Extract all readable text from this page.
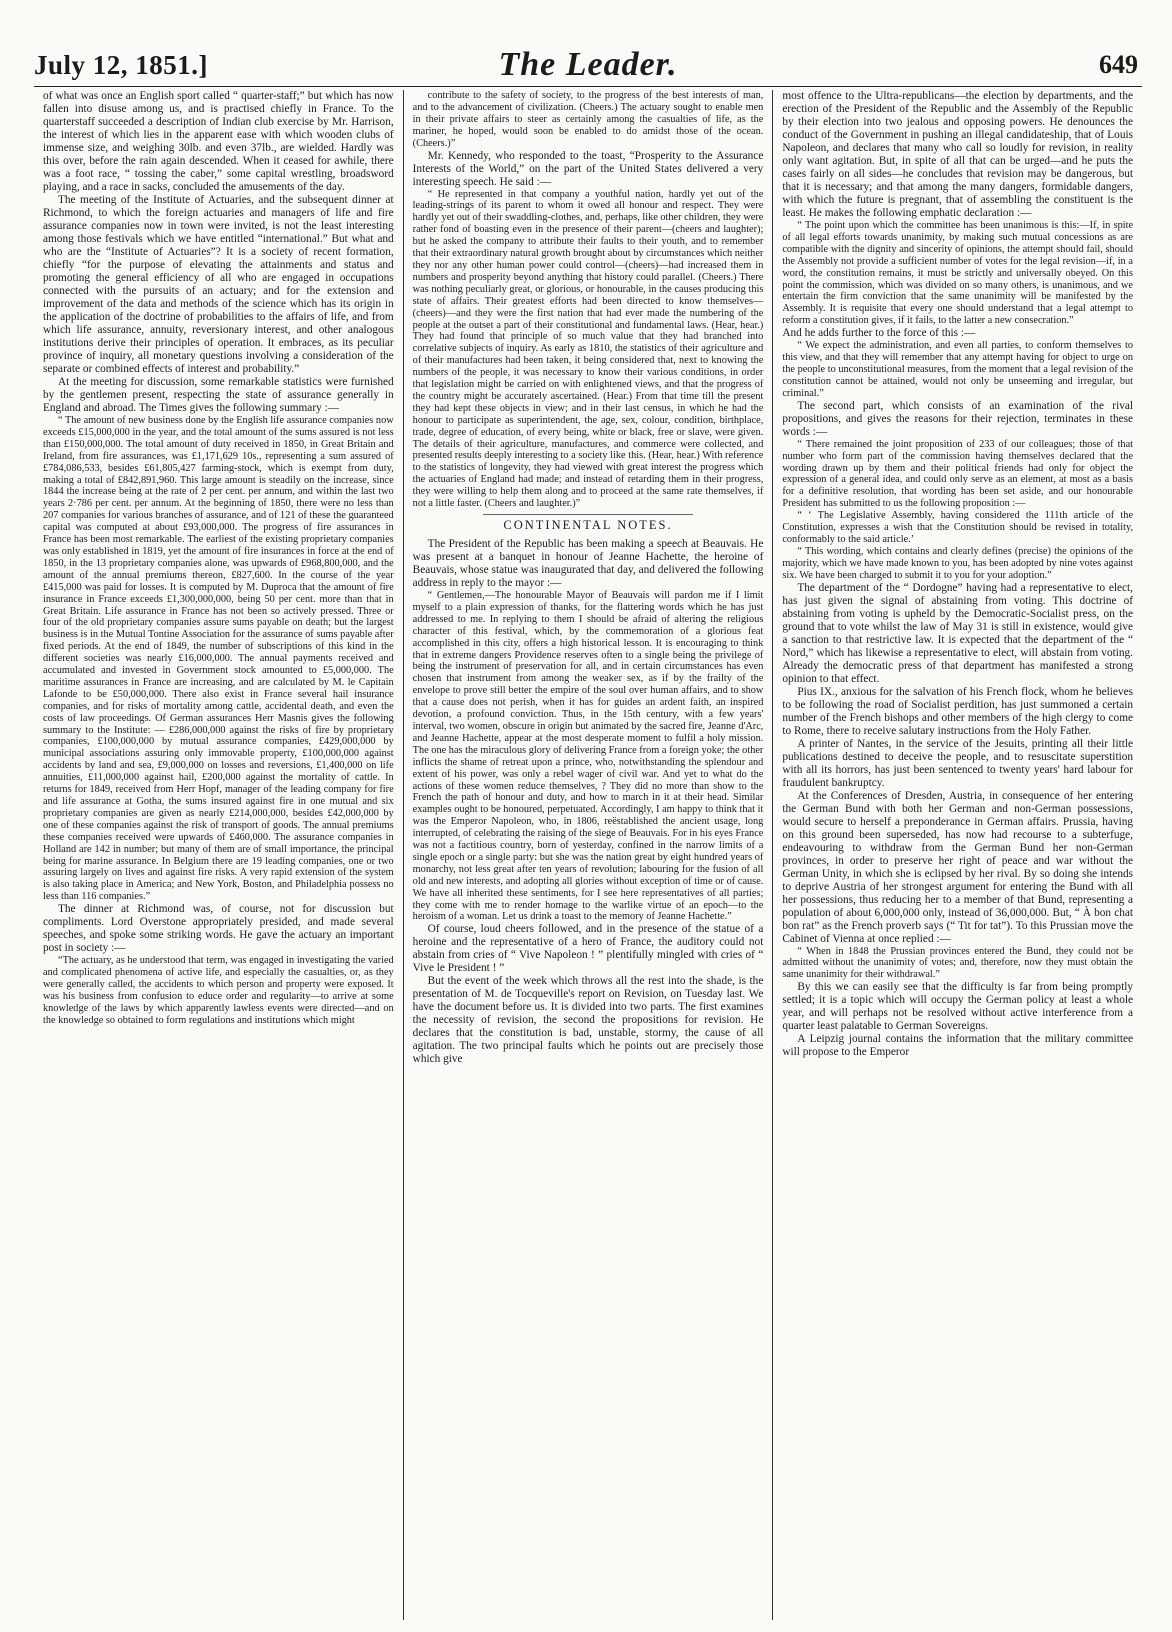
July 12, 1851.]	The Leader.	649

of what was once an English sport called “ quarter-staff;” but which has now fallen into disuse among us, and is practised chiefly in France. To the quarterstaff succeeded a description of Indian club exercise by Mr. Harrison, the interest of which lies in the apparent ease with which wooden clubs of immense size, and weighing 30lb. and even 37lb., are wielded. Hardly was this over, before the rain again descended. When it ceased for awhile, there was a foot race, “ tossing the caber,” some capital wrestling, broadsword playing, and a race in sacks, concluded the amusements of the day.

The meeting of the Institute of Actuaries, and the subsequent dinner at Richmond, to which the foreign actuaries and managers of life and fire assurance companies now in town were invited, is not the least interesting among those festivals which we have entitled “international.” But what and who are the “Institute of Actuaries”? It is a society of recent formation, chiefly “for the purpose of elevating the attainments and status and promoting the general efficiency of all who are engaged in occupations connected with the pursuits of an actuary; and for the extension and improvement of the data and methods of the science which has its origin in the application of the doctrine of probabilities to the affairs of life, and from which life assurance, annuity, reversionary interest, and other analogous institutions derive their principles of operation. It embraces, as its peculiar province of inquiry, all monetary questions involving a consideration of the separate or combined effects of interest and probability.”

At the meeting for discussion, some remarkable statistics were furnished by the gentlemen present, respecting the state of assurance generally in England and abroad. The Times gives the following summary :—

“ The amount of new business done by the English life assurance companies now exceeds £15,000,000 in the year, and the total amount of the sums assured is not less than £150,000,000. The total amount of duty received in 1850, in Great Britain and Ireland, from fire assurances, was £1,171,629 10s., representing a sum assured of £784,086,533, besides £61,805,427 farming-stock, which is exempt from duty, making a total of £842,891,960. This large amount is steadily on the increase, since 1844 the increase being at the rate of 2 per cent. per annum, and within the last two years 2·786 per cent. per annum. At the beginning of 1850, there were no less than 207 companies for various branches of assurance, and of 121 of these the guaranteed capital was computed at about £93,000,000. The progress of fire assurances in France has been most remarkable. The earliest of the existing proprietary companies was only established in 1819, yet the amount of fire insurances in force at the end of 1850, in the 13 proprietary companies alone, was upwards of £968,800,000, and the amount of the annual premiums thereon, £827,600. In the course of the year £415,000 was paid for losses. It is computed by M. Duproca that the amount of fire insurance in France exceeds £1,300,000,000, being 50 per cent. more than that in Great Britain. Life assurance in France has not been so actively pressed. Three or four of the old proprietary companies assure sums payable on death; but the largest business is in the Mutual Tontine Association for the assurance of sums payable after fixed periods. At the end of 1849, the number of subscriptions of this kind in the different societies was nearly £16,000,000. The annual payments received and accumulated and invested in Government stock amounted to £5,000,000. The maritime assurances in France are increasing, and are calculated by M. le Capitain Lafonde to be £50,000,000. There also exist in France several hail insurance companies, and for risks of mortality among cattle, accidental death, and even the costs of law proceedings. Of German assurances Herr Masnis gives the following summary to the Institute: — £286,000,000 against the risks of fire by proprietary companies, £100,000,000 by mutual assurance companies, £429,000,000 by municipal associations assuring only immovable property, £100,000,000 against accidents by land and sea, £9,000,000 on losses and reversions, £1,400,000 on life annuities, £11,000,000 against hail, £200,000 against the mortality of cattle. In returns for 1849, received from Herr Hopf, manager of the leading company for fire and life assurance at Gotha, the sums insured against fire in one mutual and six proprietary companies are given as nearly £214,000,000, besides £42,000,000 by one of these companies against the risk of transport of goods. The annual premiums these companies received were upwards of £460,000. The assurance companies in Holland are 142 in number; but many of them are of small importance, the principal being for marine assurance. In Belgium there are 19 leading companies, one or two assuring largely on lives and against fire risks. A very rapid extension of the system is also taking place in America; and New York, Boston, and Philadelphia possess no less than 116 companies.”

The dinner at Richmond was, of course, not for discussion but compliments. Lord Overstone appropriately presided, and made several speeches, and spoke some striking words. He gave the actuary an important post in society :—

“The actuary, as he understood that term, was engaged in investigating the varied and complicated phenomena of active life, and especially the casualties, or, as they were generally called, the accidents to which person and property were exposed. It was his business from confusion to educe order and regularity—to arrive at some knowledge of the laws by which apparently lawless events were directed—and on the knowledge so obtained to form regulations and institutions which might

contribute to the safety of society, to the progress of the best interests of man, and to the advancement of civilization. (Cheers.) The actuary sought to enable men in their private affairs to steer as certainly among the casualties of life, as the mariner, he hoped, would soon be enabled to do amidst those of the ocean. (Cheers.)”

Mr. Kennedy, who responded to the toast, “Prosperity to the Assurance Interests of the World,” on the part of the United States delivered a very interesting speech. He said :—

“ He represented in that company a youthful nation, hardly yet out of the leading-strings of its parent to whom it owed all honour and respect. They were hardly yet out of their swaddling-clothes, and, perhaps, like other children, they were rather fond of boasting even in the presence of their parent—(cheers and laughter); but he asked the company to attribute their faults to their youth, and to remember that their extraordinary natural growth brought about by circumstances which neither they nor any other human power could control—(cheers)—had increased them in numbers and prosperity beyond anything that history could parallel. (Cheers.) There was nothing peculiarly great, or glorious, or honourable, in the causes producing this state of affairs. Their greatest efforts had been directed to know themselves—(cheers)—and they were the first nation that had ever made the numbering of the people at the outset a part of their constitutional and fundamental laws. (Hear, hear.) They had found that principle of so much value that they had branched into correlative subjects of inquiry. As early as 1810, the statistics of their agriculture and of their manufactures had been taken, it being considered that, next to knowing the numbers of the people, it was necessary to know their various conditions, in order that legislation might be carried on with enlightened views, and that the progress of the country might be accurately ascertained. (Hear.) From that time till the present they had kept these objects in view; and in their last census, in which he had the honour to participate as superintendent, the age, sex, colour, condition, birthplace, trade, degree of education, of every being, white or black, free or slave, were given. The details of their agriculture, manufactures, and commerce were collected, and presented results deeply interesting to a society like this. (Hear, hear.) With reference to the statistics of longevity, they had viewed with great interest the progress which the actuaries of England had made; and instead of retarding them in their progress, they were willing to help them along and to proceed at the same rate themselves, if not a little faster. (Cheers and laughter.)”

CONTINENTAL NOTES.

The President of the Republic has been making a speech at Beauvais. He was present at a banquet in honour of Jeanne Hachette, the heroine of Beauvais, whose statue was inaugurated that day, and delivered the following address in reply to the mayor :—

“ Gentlemen,—The honourable Mayor of Beauvais will pardon me if I limit myself to a plain expression of thanks, for the flattering words which he has just addressed to me. In replying to them I should be afraid of altering the religious character of this festival, which, by the commemoration of a glorious feat accomplished in this city, offers a high historical lesson. It is encouraging to think that in extreme dangers Providence reserves often to a single being the privilege of being the instrument of preservation for all, and in certain circumstances has even chosen that instrument from among the weaker sex, as if by the frailty of the envelope to prove still better the empire of the soul over human affairs, and to show that a cause does not perish, when it has for guides an ardent faith, an inspired devotion, a profound conviction. Thus, in the 15th century, with a few years' interval, two women, obscure in origin but animated by the sacred fire, Jeanne d'Arc, and Jeanne Hachette, appear at the most desperate moment to fulfil a holy mission. The one has the miraculous glory of delivering France from a foreign yoke; the other inflicts the shame of retreat upon a prince, who, notwithstanding the splendour and extent of his power, was only a rebel wager of civil war. And yet to what do the actions of these women reduce themselves, ? They did no more than show to the French the path of honour and duty, and how to march in it at their head. Similar examples ought to be honoured, perpetuated. Accordingly, I am happy to think that it was the Emperor Napoleon, who, in 1806, reëstablished the ancient usage, long interrupted, of celebrating the raising of the siege of Beauvais. For in his eyes France was not a factitious country, born of yesterday, confined in the narrow limits of a single epoch or a single party: but she was the nation great by eight hundred years of monarchy, not less great after ten years of revolution; labouring for the fusion of all old and new interests, and adopting all glories without exception of time or of cause. We have all inherited these sentiments, for I see here representatives of all parties; they come with me to render homage to the warlike virtue of an epoch—to the heroism of a woman. Let us drink a toast to the memory of Jeanne Hachette.”

Of course, loud cheers followed, and in the presence of the statue of a heroine and the representative of a hero of France, the auditory could not abstain from cries of “ Vive Napoleon ! ” plentifully mingled with cries of “ Vive le President ! ”

But the event of the week which throws all the rest into the shade, is the presentation of M. de Tocqueville's report on Revision, on Tuesday last. We have the document before us. It is divided into two parts. The first examines the necessity of revision, the second the propositions for revision. He declares that the constitution is bad, unstable, stormy, the cause of all agitation. The two principal faults which he points out are precisely those which give

most offence to the Ultra-republicans—the election by departments, and the erection of the President of the Republic and the Assembly of the Republic by their election into two jealous and opposing powers. He denounces the conduct of the Government in pushing an illegal candidateship, that of Louis Napoleon, and declares that many who call so loudly for revision, in reality only want agitation. But, in spite of all that can be urged—and he puts the cases fairly on all sides—he concludes that revision may be dangerous, but that it is necessary; and that among the many dangers, formidable dangers, with which the future is pregnant, that of assembling the constituent is the least. He makes the following emphatic declaration :—

“ The point upon which the committee has been unanimous is this:—If, in spite of all legal efforts towards unanimity, by making such mutual concessions as are compatible with the dignity and sincerity of opinions, the attempt should fail, should the Assembly not provide a sufficient number of votes for the legal revision—if, in a word, the constitution remains, it must be strictly and universally obeyed. On this point the commission, which was divided on so many others, is unanimous, and we entertain the firm conviction that the same unanimity will be manifested by the Assembly. It is requisite that every one should understand that a legal attempt to reform a constitution gives, if it fails, to the latter a new consecration.”

And he adds further to the force of this :—

“ We expect the administration, and even all parties, to conform themselves to this view, and that they will remember that any attempt having for object to urge on the people to unconstitutional measures, from the moment that a legal revision of the constitution cannot be attained, would not only be unseeming and irregular, but criminal.”

The second part, which consists of an examination of the rival propositions, and gives the reasons for their rejection, terminates in these words :—

“ There remained the joint proposition of 233 of our colleagues; those of that number who form part of the commission having themselves declared that the wording drawn up by them and their political friends had only for object the expression of a general idea, and could only serve as an element, at most as a basis for a definitive resolution, that wording has been set aside, and our honourable President has submitted to us the following proposition :—

“ ‘ The Legislative Assembly, having considered the 111th article of the Constitution, expresses a wish that the Constitution should be revised in totality, conformably to the said article.’

“ This wording, which contains and clearly defines (precise) the opinions of the majority, which we have made known to you, has been adopted by nine votes against six. We have been charged to submit it to you for your adoption.”

The department of the “ Dordogne” having had a representative to elect, has just given the signal of abstaining from voting. This doctrine of abstaining from voting is upheld by the Democratic-Socialist press, on the ground that to vote whilst the law of May 31 is still in existence, would give a sanction to that restrictive law. It is expected that the department of the “ Nord,” which has likewise a representative to elect, will abstain from voting. Already the democratic press of that department has manifested a strong opinion to that effect.

Pius IX., anxious for the salvation of his French flock, whom he believes to be following the road of Socialist perdition, has just summoned a certain number of the French bishops and other members of the high clergy to come to Rome, there to receive salutary instructions from the Holy Father.

A printer of Nantes, in the service of the Jesuits, printing all their little publications destined to deceive the people, and to resuscitate superstition with all its horrors, has just been sentenced to twenty years' hard labour for fraudulent bankruptcy.

At the Conferences of Dresden, Austria, in consequence of her entering the German Bund with both her German and non-German possessions, would secure to herself a preponderance in German affairs. Prussia, having on this ground been superseded, has now had recourse to a subterfuge, endeavouring to withdraw from the German Bund her non-German provinces, in order to preserve her right of peace and war without the German Unity, in which she is eclipsed by her rival. By so doing she intends to deprive Austria of her strongest argument for entering the Bund with all her possessions, thus reducing her to a member of that Bund, representing a population of about 6,000,000 only, instead of 36,000,000. But, “ À bon chat bon rat” as the French proverb says (“ Tit for tat”). To this Prussian move the Cabinet of Vienna at once replied :—

“ When in 1848 the Prussian provinces entered the Bund, they could not be admitted without the unanimity of votes; and, therefore, now they must obtain the same unanimity for their withdrawal.”

By this we can easily see that the difficulty is far from being promptly settled; it is a topic which will occupy the German policy at least a whole year, and will perhaps not be resolved without active interference from a quarter least palatable to German Sovereigns.

A Leipzig journal contains the information that the military committee will propose to the Emperor
